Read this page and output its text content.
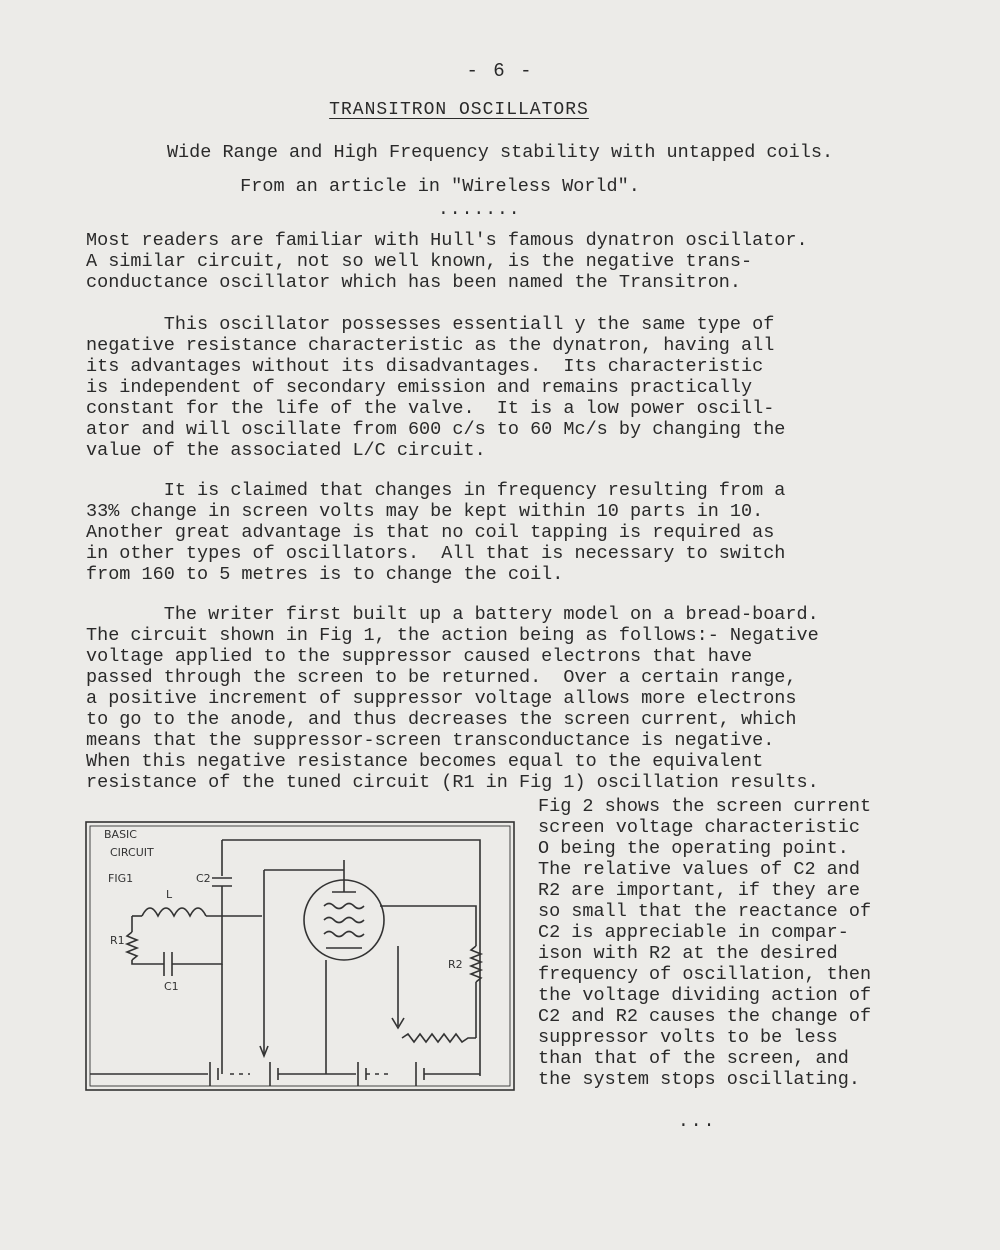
- 6 -
TRANSITRON OSCILLATORS
Wide Range and High Frequency stability with untapped coils.
From an article in "Wireless World".
.......
Most readers are familiar with Hull's famous dynatron oscillator.
A similar circuit, not so well known, is the negative trans-
conductance oscillator which has been named the Transitron.
This oscillator possesses essentiall y the same type of
negative resistance characteristic as the dynatron, having all
its advantages without its disadvantages.  Its characteristic
is independent of secondary emission and remains practically
constant for the life of the valve.  It is a low power oscill-
ator and will oscillate from 600 c/s to 60 Mc/s by changing the
value of the associated L/C circuit.
It is claimed that changes in frequency resulting from a
33% change in screen volts may be kept within 10 parts in 10.
Another great advantage is that no coil tapping is required as
in other types of oscillators.  All that is necessary to switch
from 160 to 5 metres is to change the coil.
The writer first built up a battery model on a bread-board.
The circuit shown in Fig 1, the action being as follows:- Negative
voltage applied to the suppressor caused electrons that have
passed through the screen to be returned.  Over a certain range,
a positive increment of suppressor voltage allows more electrons
to go to the anode, and thus decreases the screen current, which
means that the suppressor-screen transconductance is negative.
When this negative resistance becomes equal to the equivalent
resistance of the tuned circuit (R1 in Fig 1) oscillation results.
Fig 2 shows the screen current
screen voltage characteristic
O being the operating point.
The relative values of C2 and
R2 are important, if they are
so small that the reactance of
C2 is appreciable in compar-
ison with R2 at the desired
frequency of oscillation, then
the voltage dividing action of
C2 and R2 causes the change of
suppressor volts to be less
than that of the screen, and
the system stops oscillating.
BASIC
CIRCUIT
FIG1	C2
L
R1
C1
R2
...
